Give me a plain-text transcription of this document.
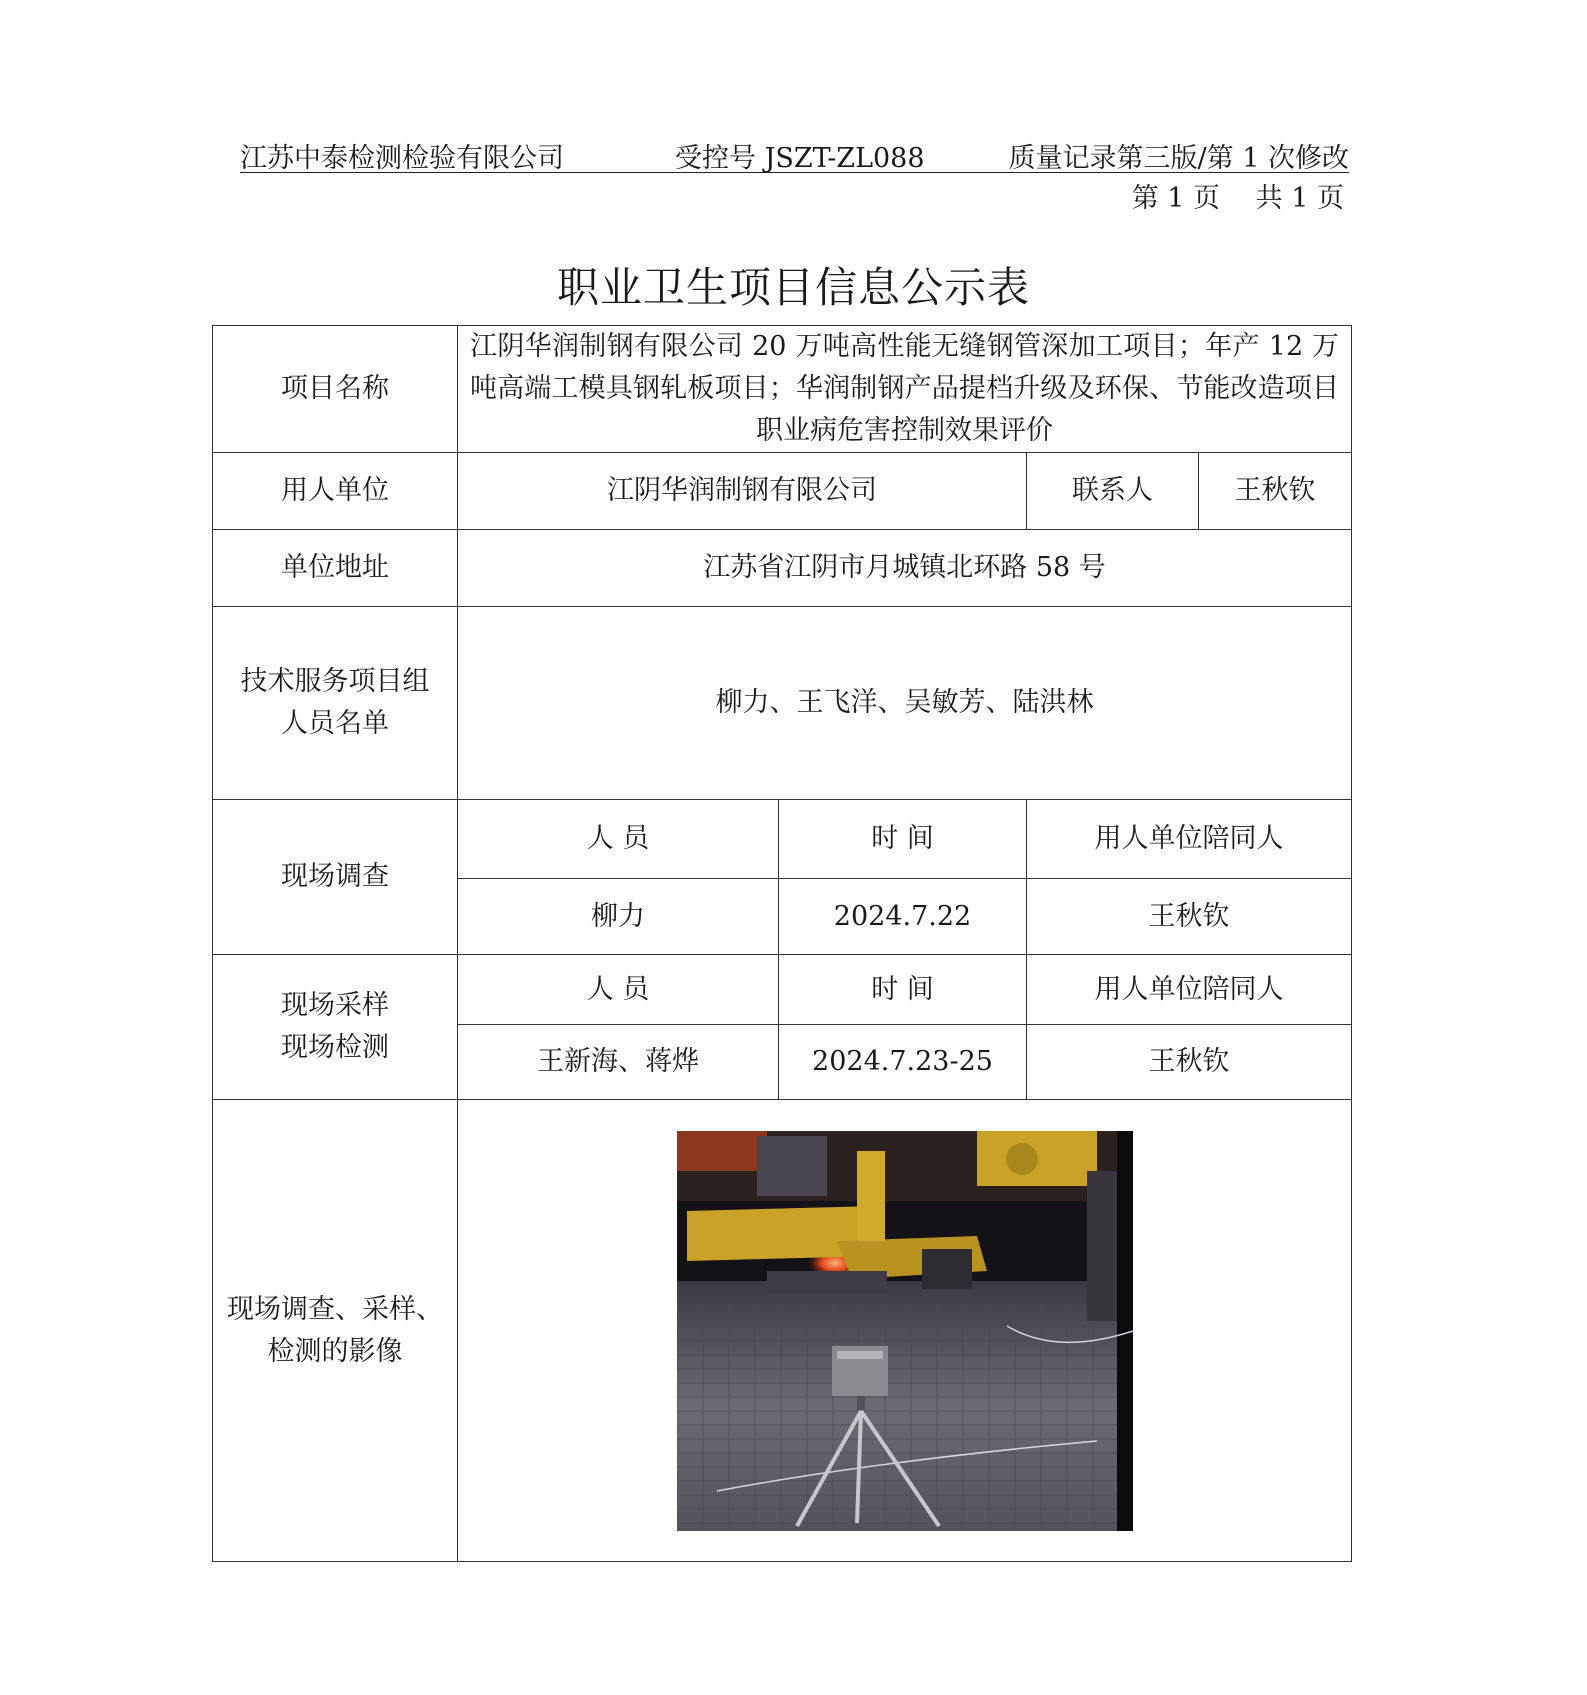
江苏中泰检测检验有限公司	受控号 JSZT-ZL088	质量记录第三版/第 1 次修改
第 1 页　 共 1 页
职业卫生项目信息公示表
项目名称	江阴华润制钢有限公司 20 万吨高性能无缝钢管深加工项目；年产 12 万吨高端工模具钢轧板项目；华润制钢产品提档升级及环保、节能改造项目职业病危害控制效果评价			
用人单位	江阴华润制钢有限公司		联系人	王秋钦
单位地址	江苏省江阴市月城镇北环路 58 号			

技术服务项目组
人员名单	柳力、王飞洋、吴敏芳、陆洪林			
现场调查	人 员	时 间	用人单位陪同人	
	柳力	2024.7.22	王秋钦	

现场采样
现场检测	人 员	时 间	用人单位陪同人	
	王新海、蒋烨	2024.7.23-25	王秋钦	

现场调查、采样、
检测的影像
